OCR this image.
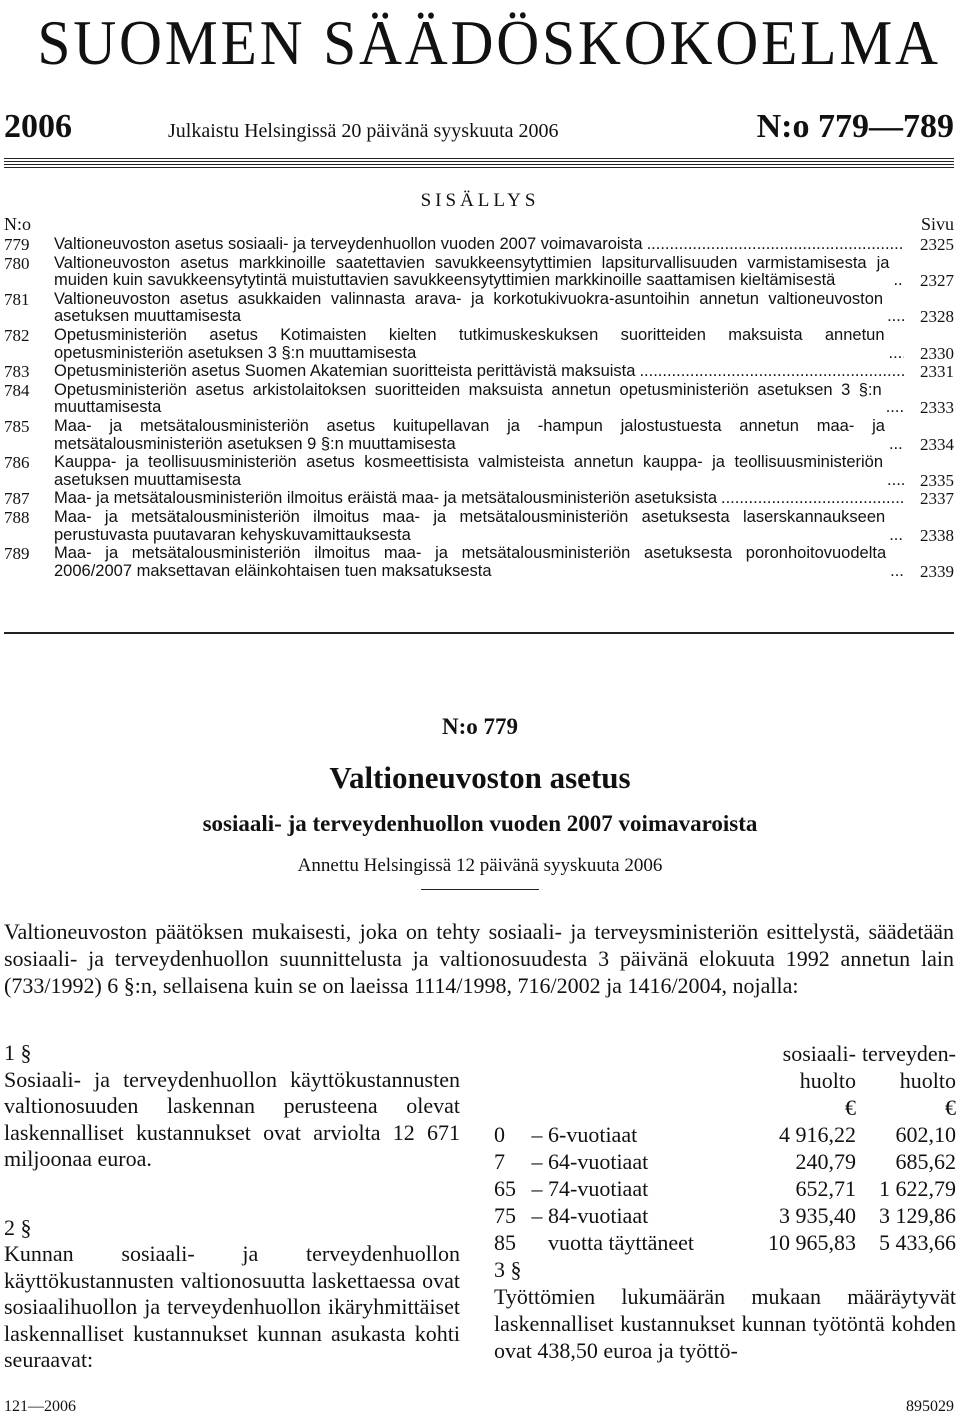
SUOMEN SÄÄDÖSKOKOELMA
2006	Julkaistu Helsingissä 20 päivänä syyskuuta 2006	N:o 779—789
SISÄLLYS
N:o	Sivu
779	Valtioneuvoston asetus sosiaali- ja terveydenhuollon vuoden 2007 voimavaroista .....	2325
780	Valtioneuvoston asetus markkinoille saatettavien savukkeensytyttimien lapsiturvallisuuden varmistamisesta ja muiden kuin savukkeensytytintä muistuttavien savukkeensytyttimien markkinoille saattamisen kieltämisestä .....	2327
781	Valtioneuvoston asetus asukkaiden valinnasta arava- ja korkotukivuokra-asuntoihin annetun valtioneuvoston asetuksen muuttamisesta .....	2328
782	Opetusministeriön asetus Kotimaisten kielten tutkimuskeskuksen suoritteiden maksuista annetun opetusministeriön asetuksen 3 §:n muuttamisesta .....	2330
783	Opetusministeriön asetus Suomen Akatemian suoritteista perittävistä maksuista .....	2331
784	Opetusministeriön asetus arkistolaitoksen suoritteiden maksuista annetun opetusministeriön asetuksen 3 §:n muuttamisesta .....	2333
785	Maa- ja metsätalousministeriön asetus kuitupellavan ja -hampun jalostustuesta annetun maa- ja metsätalousministeriön asetuksen 9 §:n muuttamisesta .....	2334
786	Kauppa- ja teollisuusministeriön asetus kosmeettisista valmisteista annetun kauppa- ja teollisuusministeriön asetuksen muuttamisesta .....	2335
787	Maa- ja metsätalousministeriön ilmoitus eräistä maa- ja metsätalousministeriön asetuksista .....	2337
788	Maa- ja metsätalousministeriön ilmoitus maa- ja metsätalousministeriön asetuksesta laserskannaukseen perustuvasta puutavaran kehyskuvamittauksesta .....	2338
789	Maa- ja metsätalousministeriön ilmoitus maa- ja metsätalousministeriön asetuksesta poronhoitovuodelta 2006/2007 maksettavan eläinkohtaisen tuen maksatuksesta .....	2339
N:o 779
Valtioneuvoston asetus
sosiaali- ja terveydenhuollon vuoden 2007 voimavaroista
Annettu Helsingissä 12 päivänä syyskuuta 2006
Valtioneuvoston päätöksen mukaisesti, joka on tehty sosiaali- ja terveysministeriön esittelystä, säädetään sosiaali- ja terveydenhuollon suunnittelusta ja valtionosuudesta 3 päivänä elokuuta 1992 annetun lain (733/1992) 6 §:n, sellaisena kuin se on laeissa 1114/1998, 716/2002 ja 1416/2004, nojalla:

1 §

Sosiaali- ja terveydenhuollon käyttökustannusten valtionosuuden laskennan perusteena olevat laskennalliset kustannukset ovat arviolta 12 671 miljoonaa euroa.

2 §

Kunnan sosiaali- ja terveydenhuollon käyttökustannusten valtionosuutta laskettaessa ovat sosiaalihuollon ja terveydenhuollon ikäryhmittäiset laskennalliset kustannukset kunnan asukasta kohti seuraavat:

			sosiaali-	terveyden-
			huolto	huolto
			€	€
0	–	6-vuotiaat	4 916,22	602,10
7	–	64-vuotiaat	240,79	685,62
65	–	74-vuotiaat	652,71	1 622,79
75	–	84-vuotiaat	3 935,40	3 129,86
85		vuotta täyttäneet	10 965,83	5 433,66

3 §

Työttömien lukumäärän mukaan määräytyvät laskennalliset kustannukset kunnan työtöntä kohden ovat 438,50 euroa ja työttö-

121—2006	895029
